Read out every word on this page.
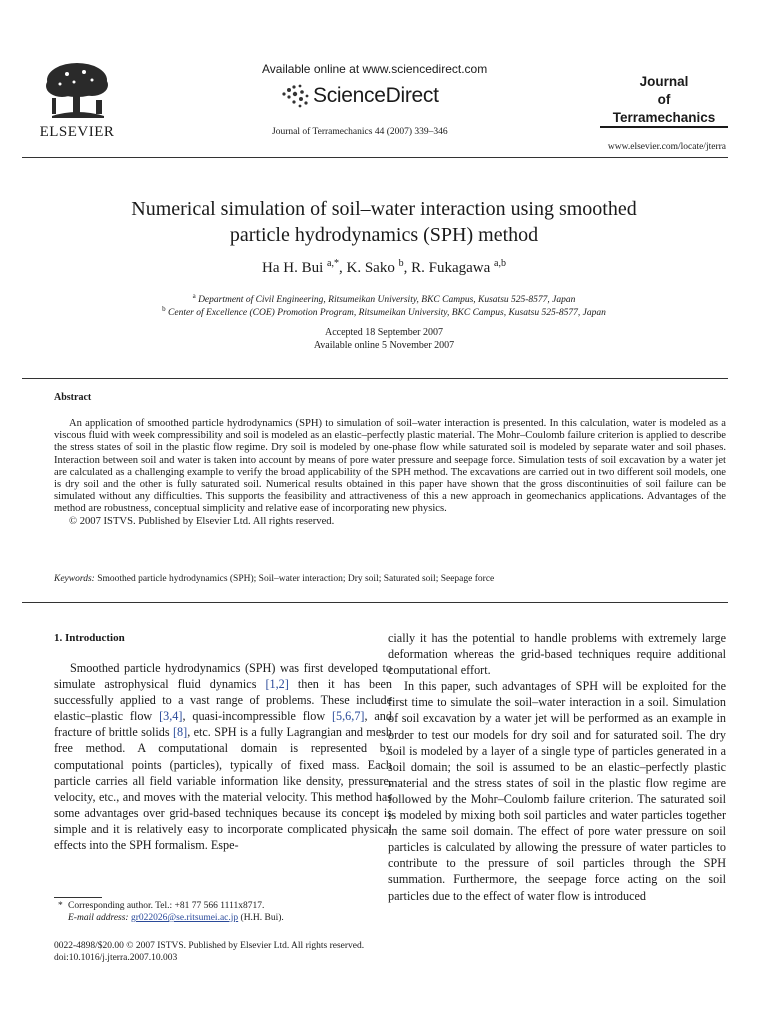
ELSEVIER
Available online at www.sciencedirect.com
ScienceDirect
Journal of Terramechanics 44 (2007) 339–346
Journal
of
Terramechanics
www.elsevier.com/locate/jterra
Numerical simulation of soil–water interaction using smoothed
particle hydrodynamics (SPH) method
Ha H. Bui $^{a,*}$, K. Sako $^b$, R. Fukagawa $^{a,b}$
$^a$ Department of Civil Engineering, Ritsumeikan University, BKC Campus, Kusatsu 525-8577, Japan
$^b$ Center of Excellence (COE) Promotion Program, Ritsumeikan University, BKC Campus, Kusatsu 525-8577, Japan
Accepted 18 September 2007
Available online 5 November 2007
Abstract

An application of smoothed particle hydrodynamics (SPH) to simulation of soil–water interaction is presented. In this calculation, water is modeled as a viscous fluid with week compressibility and soil is modeled as an elastic–perfectly plastic material. The Mohr–Coulomb failure criterion is applied to describe the stress states of soil in the plastic flow regime. Dry soil is modeled by one-phase flow while saturated soil is modeled by separate water and soil phases. Interaction between soil and water is taken into account by means of pore water pressure and seepage force. Simulation tests of soil excavation by a water jet are calculated as a challenging example to verify the broad applicability of the SPH method. The excavations are carried out in two different soil models, one is dry soil and the other is fully saturated soil. Numerical results obtained in this paper have shown that the gross discontinuities of soil failure can be simulated without any difficulties. This supports the feasibility and attractiveness of this a new approach in geomechanics applications. Advantages of the method are robustness, conceptual simplicity and relative ease of incorporating new physics.

© 2007 ISTVS. Published by Elsevier Ltd. All rights reserved.

Keywords: Smoothed particle hydrodynamics (SPH); Soil–water interaction; Dry soil; Saturated soil; Seepage force
1. Introduction

Smoothed particle hydrodynamics (SPH) was first developed to simulate astrophysical fluid dynamics [1,2] then it has been successfully applied to a vast range of problems. These include elastic–plastic flow [3,4], quasi-incompressible flow [5,6,7], and fracture of brittle solids [8], etc. SPH is a fully Lagrangian and mesh free method. A computational domain is represented by computational points (particles), typically of fixed mass. Each particle carries all field variable information like density, pressure, velocity, etc., and moves with the material velocity. This method has some advantages over grid-based techniques because its concept is simple and it is relatively easy to incorporate complicated physical effects into the SPH formalism. Espe-

cially it has the potential to handle problems with extremely large deformation whereas the grid-based techniques require additional computational effort.

In this paper, such advantages of SPH will be exploited for the first time to simulate the soil–water interaction in a soil. Simulation of soil excavation by a water jet will be performed as an example in order to test our models for dry soil and for saturated soil. The dry soil is modeled by a layer of a single type of particles generated in a soil domain; the soil is assumed to be an elastic–perfectly plastic material and the stress states of soil in the plastic flow regime are followed by the Mohr–Coulomb failure criterion. The saturated soil is modeled by mixing both soil particles and water particles together in the same soil domain. The effect of pore water pressure on soil particles is calculated by allowing the pressure of water particles to contribute to the pressure of soil particles through the SPH summation. Furthermore, the seepage force acting on the soil particles due to the effect of water flow is introduced

* Corresponding author. Tel.: +81 77 566 1111x8717.
E-mail address: gr022026@se.ritsumei.ac.jp (H.H. Bui).
0022-4898/$20.00 © 2007 ISTVS. Published by Elsevier Ltd. All rights reserved.
doi:10.1016/j.jterra.2007.10.003
